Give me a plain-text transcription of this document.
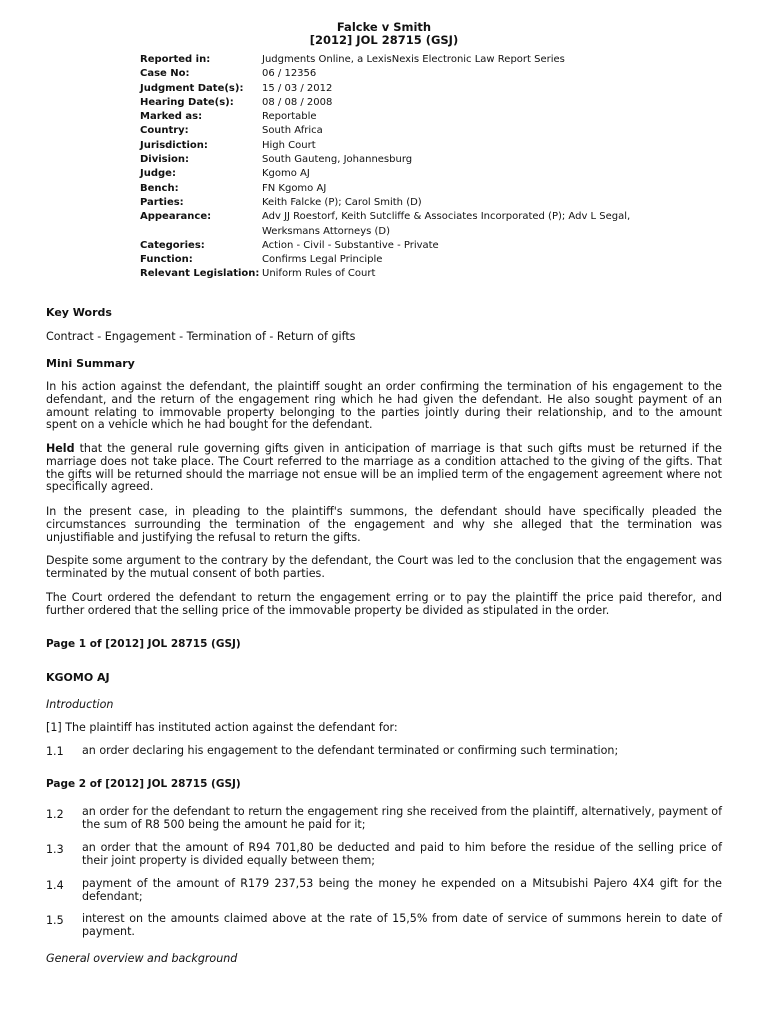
Falcke v Smith
[2012] JOL 28715 (GSJ)
Reported in:	Judgments Online, a LexisNexis Electronic Law Report Series
Case No:	06 / 12356
Judgment Date(s):	15 / 03 / 2012
Hearing Date(s):	08 / 08 / 2008
Marked as:	Reportable
Country:	South Africa
Jurisdiction:	High Court
Division:	South Gauteng, Johannesburg
Judge:	Kgomo AJ
Bench:	FN Kgomo AJ
Parties:	Keith Falcke (P); Carol Smith (D)
Appearance:	Adv JJ Roestorf, Keith Sutcliffe & Associates Incorporated (P); Adv L Segal, Werksmans Attorneys (D)
Categories:	Action - Civil - Substantive - Private
Function:	Confirms Legal Principle
Relevant Legislation:	Uniform Rules of Court
Key Words
Contract - Engagement - Termination of - Return of gifts
Mini Summary

In his action against the defendant, the plaintiff sought an order confirming the termination of his engagement to the defendant, and the return of the engagement ring which he had given the defendant. He also sought payment of an amount relating to immovable property belonging to the parties jointly during their relationship, and to the amount spent on a vehicle which he had bought for the defendant.

Held that the general rule governing gifts given in anticipation of marriage is that such gifts must be returned if the marriage does not take place. The Court referred to the marriage as a condition attached to the giving of the gifts. That the gifts will be returned should the marriage not ensue will be an implied term of the engagement agreement where not specifically agreed.

In the present case, in pleading to the plaintiff's summons, the defendant should have specifically pleaded the circumstances surrounding the termination of the engagement and why she alleged that the termination was unjustifiable and justifying the refusal to return the gifts.

Despite some argument to the contrary by the defendant, the Court was led to the conclusion that the engagement was terminated by the mutual consent of both parties.

The Court ordered the defendant to return the engagement erring or to pay the plaintiff the price paid therefor, and further ordered that the selling price of the immovable property be divided as stipulated in the order.

Page 1 of [2012] JOL 28715 (GSJ)
KGOMO AJ
Introduction
[1] The plaintiff has instituted action against the defendant for:
1.1	an order declaring his engagement to the defendant terminated or confirming such termination;
Page 2 of [2012] JOL 28715 (GSJ)
1.2	an order for the defendant to return the engagement ring she received from the plaintiff, alternatively, payment of the sum of R8 500 being the amount he paid for it;
1.3	an order that the amount of R94 701,80 be deducted and paid to him before the residue of the selling price of their joint property is divided equally between them;
1.4	payment of the amount of R179 237,53 being the money he expended on a Mitsubishi Pajero 4X4 gift for the defendant;
1.5	interest on the amounts claimed above at the rate of 15,5% from date of service of summons herein to date of payment.
General overview and background
